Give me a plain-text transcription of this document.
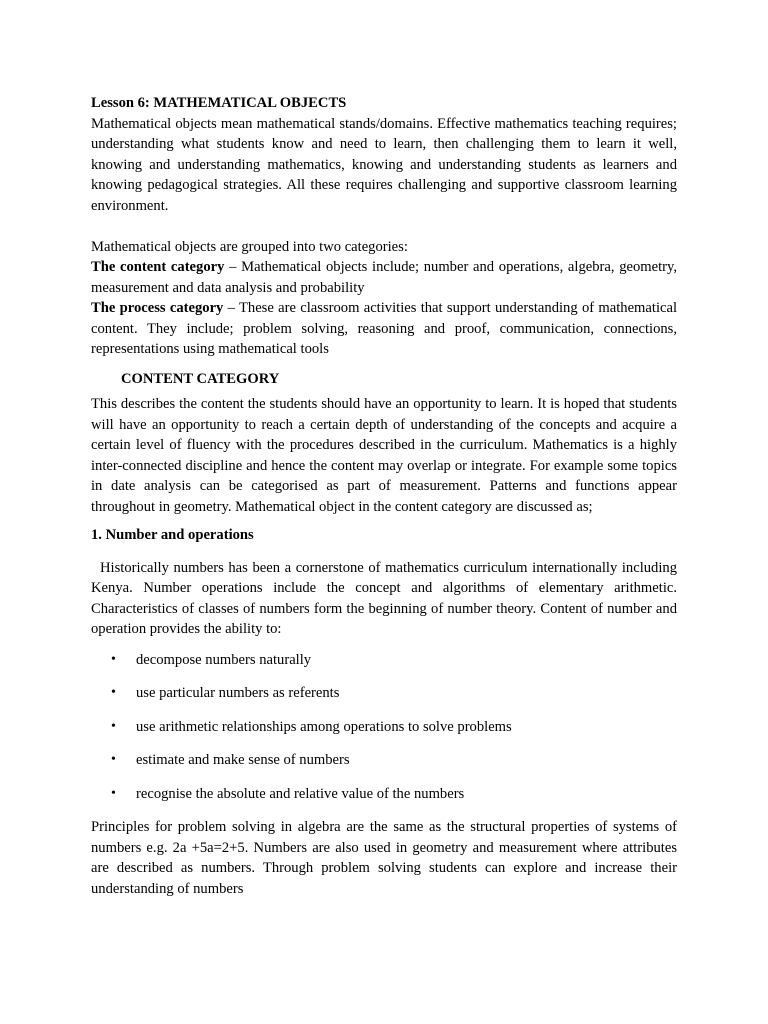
Lesson 6: MATHEMATICAL OBJECTS

Mathematical objects mean mathematical stands/domains. Effective mathematics teaching requires; understanding what students know and need to learn, then challenging them to learn it well, knowing and understanding mathematics, knowing and understanding students as learners and knowing pedagogical strategies. All these requires challenging and supportive classroom learning environment.

Mathematical objects are grouped into two categories:

The content category – Mathematical objects include; number and operations, algebra, geometry, measurement and data analysis and probability

The process category – These are classroom activities that support understanding of mathematical content. They include; problem solving, reasoning and proof, communication, connections, representations using mathematical tools

CONTENT CATEGORY

This describes the content the students should have an opportunity to learn. It is hoped that students will have an opportunity to reach a certain depth of understanding of the concepts and acquire a certain level of fluency with the procedures described in the curriculum. Mathematics is a highly inter-connected discipline and hence the content may overlap or integrate. For example some topics in date analysis can be categorised as part of measurement. Patterns and functions appear throughout in geometry. Mathematical object in the content category are discussed as;

1. Number and operations

Historically numbers has been a cornerstone of mathematics curriculum internationally including Kenya. Number operations include the concept and algorithms of elementary arithmetic. Characteristics of classes of numbers form the beginning of number theory. Content of number and operation provides the ability to:

• decompose numbers naturally
• use particular numbers as referents
• use arithmetic relationships among operations to solve problems
• estimate and make sense of numbers
• recognise the absolute and relative value of the numbers

Principles for problem solving in algebra are the same as the structural properties of systems of numbers e.g. 2a +5a=2+5. Numbers are also used in geometry and measurement where attributes are described as numbers. Through problem solving students can explore and increase their understanding of numbers
